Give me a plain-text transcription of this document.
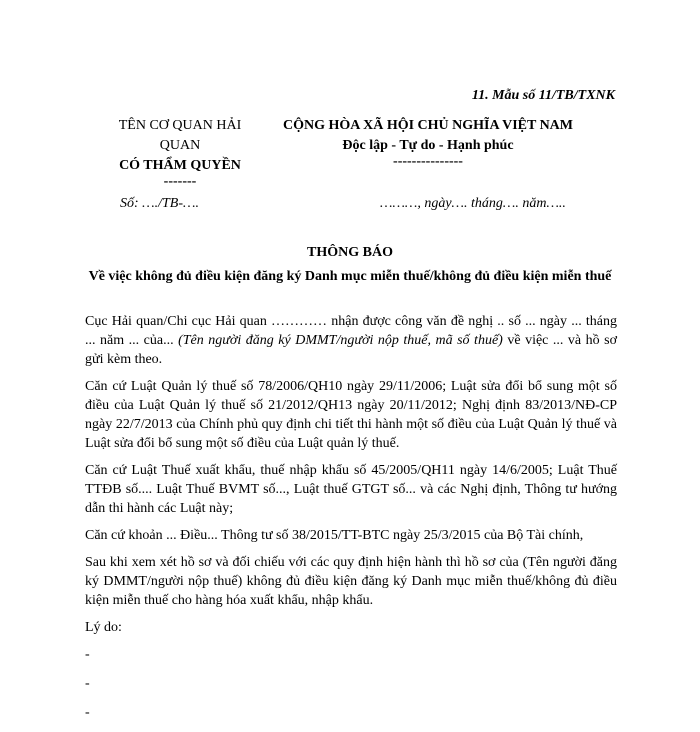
11. Mẫu số 11/TB/TXNK
TÊN CƠ QUAN HẢI
QUAN
CÓ THẨM QUYỀN
-------
CỘNG HÒA XÃ HỘI CHỦ NGHĨA VIỆT NAM
Độc lập - Tự do - Hạnh phúc
---------------
Số: …./TB-….	………, ngày…. tháng…. năm…..
THÔNG BÁO
Về việc không đủ điều kiện đăng ký Danh mục miễn thuế/không đủ điều kiện miễn thuế

Cục Hải quan/Chi cục Hải quan ………… nhận được công văn đề nghị .. số ... ngày ... tháng ... năm ... của... (Tên người đăng ký DMMT/người nộp thuế, mã số thuế) về việc ... và hồ sơ gửi kèm theo.

Căn cứ Luật Quản lý thuế số 78/2006/QH10 ngày 29/11/2006; Luật sửa đổi bổ sung một số điều của Luật Quản lý thuế số 21/2012/QH13 ngày 20/11/2012; Nghị định 83/2013/NĐ-CP ngày 22/7/2013 của Chính phủ quy định chi tiết thi hành một số điều của Luật Quản lý thuế và Luật sửa đổi bổ sung một số điều của Luật quản lý thuế.

Căn cứ Luật Thuế xuất khẩu, thuế nhập khẩu số 45/2005/QH11 ngày 14/6/2005; Luật Thuế TTĐB số.... Luật Thuế BVMT số..., Luật thuế GTGT số... và các Nghị định, Thông tư hướng dẫn thi hành các Luật này;

Căn cứ khoản ... Điều... Thông tư số 38/2015/TT-BTC ngày 25/3/2015 của Bộ Tài chính,

Sau khi xem xét hồ sơ và đối chiếu với các quy định hiện hành thì hồ sơ của (Tên người đăng ký DMMT/người nộp thuế) không đủ điều kiện đăng ký Danh mục miễn thuế/không đủ điều kiện miễn thuế cho hàng hóa xuất khẩu, nhập khẩu.

Lý do:

-

-

-
